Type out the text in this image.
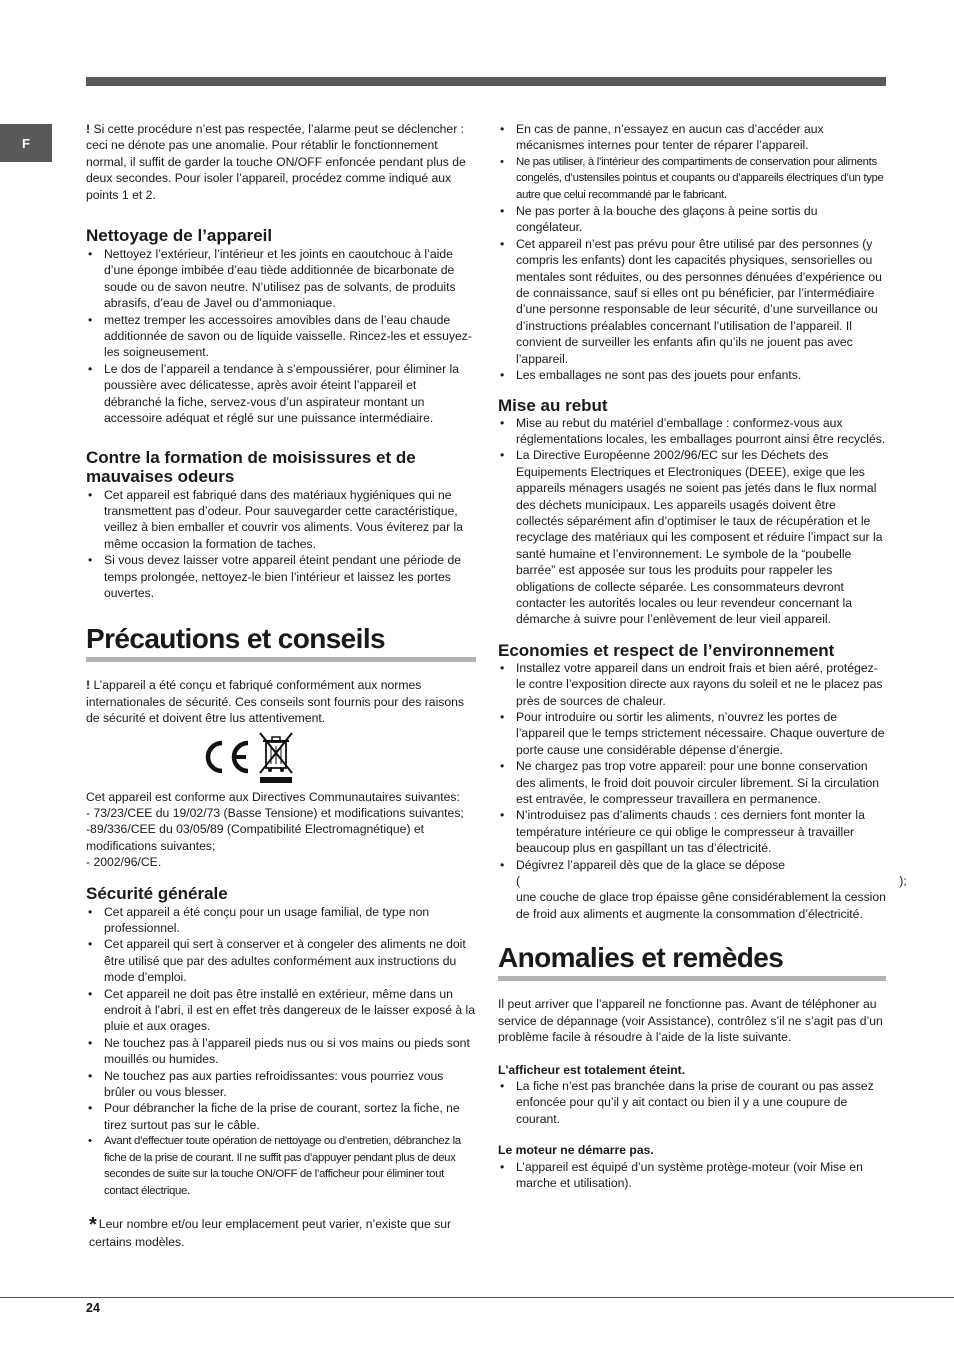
F

! Si cette procédure n’est pas respectée, l’alarme peut se déclencher : ceci ne dénote pas une anomalie. Pour rétablir le fonctionnement normal, il suffit de garder la touche ON/OFF enfoncée pendant plus de deux secondes. Pour isoler l’appareil, procédez comme indiqué aux points 1 et 2.

Nettoyage de l’appareil
• Nettoyez l’extérieur, l’intérieur et les joints en caoutchouc à l’aide d’une éponge imbibée d’eau tiède additionnée de bicarbonate de soude ou de savon neutre. N’utilisez pas de solvants, de produits abrasifs, d’eau de Javel ou d’ammoniaque.
• mettez tremper les accessoires amovibles dans de l’eau chaude additionnée de savon ou de liquide vaisselle. Rincez-les et essuyez-les soigneusement.
• Le dos de l’appareil a tendance à s’empoussiérer, pour éliminer la poussière avec délicatesse, après avoir éteint l’appareil et débranché la fiche, servez-vous d’un aspirateur montant un accessoire adéquat et réglé sur une puissance intermédiaire.
Contre la formation de moisissures et de mauvaises odeurs
• Cet appareil est fabriqué dans des matériaux hygiéniques qui ne transmettent pas d’odeur. Pour sauvegarder cette caractéristique, veillez à bien emballer et couvrir vos aliments. Vous éviterez par la même occasion la formation de taches.
• Si vous devez laisser votre appareil éteint pendant une période de temps prolongée, nettoyez-le bien l’intérieur et laissez les portes ouvertes.
Précautions et conseils

! L’appareil a été conçu et fabriqué conformément aux normes internationales de sécurité. Ces conseils sont fournis pour des raisons de sécurité et doivent être lus attentivement.

Cet appareil est conforme aux Directives Communautaires suivantes:

- 73/23/CEE du 19/02/73 (Basse Tensione) et modifications suivantes;

-89/336/CEE du 03/05/89 (Compatibilité Electromagnétique) et modifications suivantes;

- 2002/96/CE.

Sécurité générale
• Cet appareil a été conçu pour un usage familial, de type non professionnel.
• Cet appareil qui sert à conserver et à congeler des aliments ne doit être utilisé que par des adultes conformément aux instructions du mode d’emploi.
• Cet appareil ne doit pas être installé en extérieur, même dans un endroit à l’abri, il est en effet très dangereux de le laisser exposé à la pluie et aux orages.
• Ne touchez pas à l’appareil pieds nus ou si vos mains ou pieds sont mouillés ou humides.
• Ne touchez pas aux parties refroidissantes: vous pourriez vous brûler ou vous blesser.
• Pour débrancher la fiche de la prise de courant, sortez la fiche, ne tirez surtout pas sur le câble.
• Avant d’effectuer toute opération de nettoyage ou d’entretien, débranchez la fiche de la prise de courant. Il ne suffit pas d’appuyer pendant plus de deux secondes de suite sur la touche ON/OFF de l’afficheur pour éliminer tout contact électrique.

* Leur nombre et/ou leur emplacement peut varier, n’existe que sur certains modèles.

• En cas de panne, n’essayez en aucun cas d’accéder aux mécanismes internes pour tenter de réparer l’appareil.
• Ne pas utiliser, à l’intérieur des compartiments de conservation pour aliments congelés, d’ustensiles pointus et coupants ou d’appareils électriques d’un type autre que celui recommandé par le fabricant.
• Ne pas porter à la bouche des glaçons à peine sortis du congélateur.
• Cet appareil n’est pas prévu pour être utilisé par des personnes (y compris les enfants) dont les capacités physiques, sensorielles ou mentales sont réduites, ou des personnes dénuées d’expérience ou de connaissance, sauf si elles ont pu bénéficier, par l’intermédiaire d’une personne responsable de leur sécurité, d’une surveillance ou d’instructions préalables concernant l’utilisation de l’appareil. Il convient de surveiller les enfants afin qu’ils ne jouent pas avec l’appareil.
• Les emballages ne sont pas des jouets pour enfants.
Mise au rebut
• Mise au rebut du matériel d’emballage : conformez-vous aux réglementations locales, les emballages pourront ainsi être recyclés.
• La Directive Européenne 2002/96/EC sur les Déchets des Equipements Electriques et Electroniques (DEEE), exige que les appareils ménagers usagés ne soient pas jetés dans le flux normal des déchets municipaux. Les appareils usagés doivent être collectés séparément afin d’optimiser le taux de récupération et le recyclage des matériaux qui les composent et réduire l’impact sur la santé humaine et l’environnement. Le symbole de la “poubelle barrée” est apposée sur tous les produits pour rappeler les obligations de collecte séparée. Les consommateurs devront contacter les autorités locales ou leur revendeur concernant la démarche à suivre pour l’enlèvement de leur vieil appareil.
Economies et respect de l’environnement
• Installez votre appareil dans un endroit frais et bien aéré, protégez-le contre l’exposition directe aux rayons du soleil et ne le placez pas près de sources de chaleur.
• Pour introduire ou sortir les aliments, n’ouvrez les portes de l’appareil que le temps strictement nécessaire. Chaque ouverture de porte cause une considérable dépense d’énergie.
• Ne chargez pas trop votre appareil: pour une bonne conservation des aliments, le froid doit pouvoir circuler librement. Si la circulation est entravée, le compresseur travaillera en permanence.
• N’introduisez pas d’aliments chauds : ces derniers font monter la température intérieure ce qui oblige le compresseur à travailler beaucoup plus en gaspillant un tas d’électricité.
• Dégivrez l’appareil dès que de la glace se dépose (                                                                                                                ); une couche de glace trop épaisse gêne considérablement la cession de froid aux aliments et augmente la consommation d’électricité.
Anomalies et remèdes

Il peut arriver que l’appareil ne fonctionne pas. Avant de téléphoner au service de dépannage (voir Assistance), contrôlez s’il ne s’agit pas d’un problème facile à résoudre à l’aide de la liste suivante.

L'afficheur est totalement éteint.

• La fiche n’est pas branchée dans la prise de courant ou pas assez enfoncée pour qu’il y ait contact ou bien il y a une coupure de courant.

Le moteur ne démarre pas.

• L’appareil est équipé d’un système protège-moteur (voir Mise en marche et utilisation).
24
